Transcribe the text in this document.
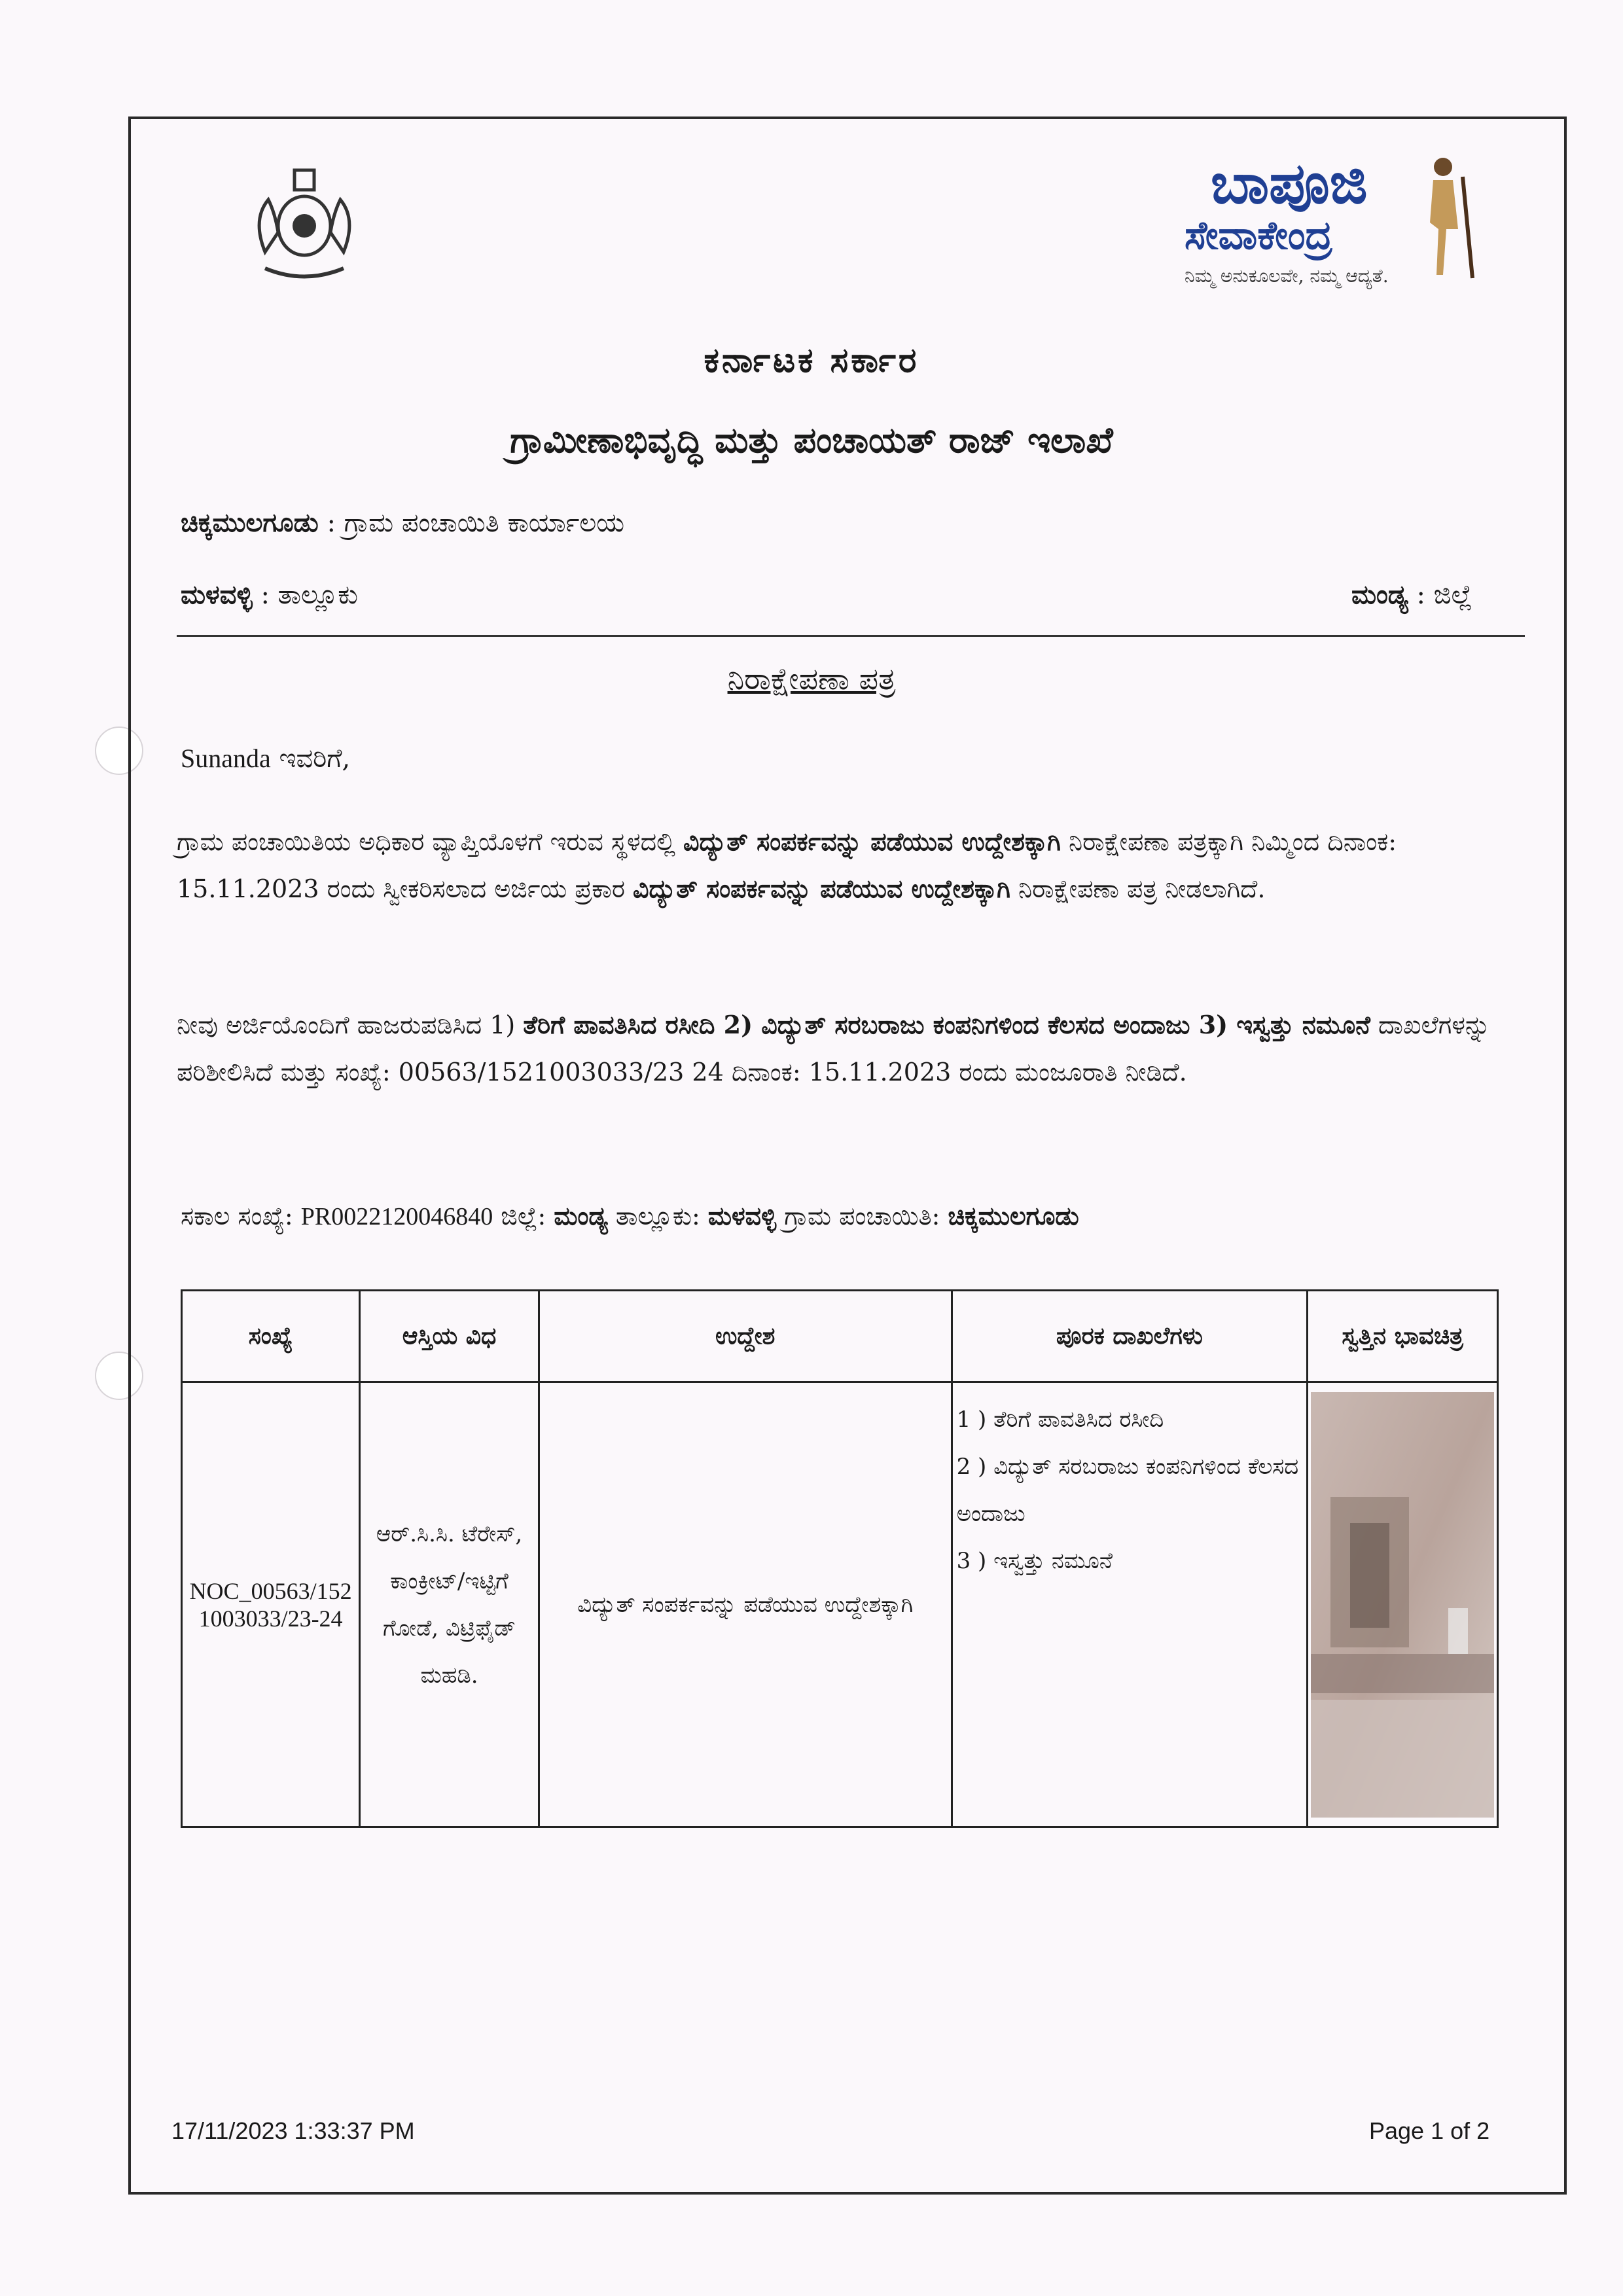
ಬಾಪೂಜಿ
ಸೇವಾಕೇಂದ್ರ
ನಿಮ್ಮ ಅನುಕೂಲವೇ, ನಮ್ಮ ಆದ್ಯತೆ.
ಕರ್ನಾಟಕ ಸರ್ಕಾರ
ಗ್ರಾಮೀಣಾಭಿವೃದ್ಧಿ ಮತ್ತು ಪಂಚಾಯತ್ ರಾಜ್ ಇಲಾಖೆ
ಚಿಕ್ಕಮುಲಗೂಡು : ಗ್ರಾಮ ಪಂಚಾಯಿತಿ ಕಾರ್ಯಾಲಯ
ಮಳವಳ್ಳಿ : ತಾಲ್ಲೂಕು	ಮಂಡ್ಯ : ಜಿಲ್ಲೆ
ನಿರಾಕ್ಷೇಪಣಾ ಪತ್ರ
Sunanda ಇವರಿಗೆ,
ಗ್ರಾಮ ಪಂಚಾಯಿತಿಯ ಅಧಿಕಾರ ವ್ಯಾಪ್ತಿಯೊಳಗೆ ಇರುವ ಸ್ಥಳದಲ್ಲಿ ವಿದ್ಯುತ್ ಸಂಪರ್ಕವನ್ನು ಪಡೆಯುವ ಉದ್ದೇಶಕ್ಕಾಗಿ ನಿರಾಕ್ಷೇಪಣಾ ಪತ್ರಕ್ಕಾಗಿ ನಿಮ್ಮಿಂದ ದಿನಾಂಕ: 15.11.2023 ರಂದು ಸ್ವೀಕರಿಸಲಾದ ಅರ್ಜಿಯ ಪ್ರಕಾರ ವಿದ್ಯುತ್ ಸಂಪರ್ಕವನ್ನು ಪಡೆಯುವ ಉದ್ದೇಶಕ್ಕಾಗಿ ನಿರಾಕ್ಷೇಪಣಾ ಪತ್ರ ನೀಡಲಾಗಿದೆ.
ನೀವು ಅರ್ಜಿಯೊಂದಿಗೆ ಹಾಜರುಪಡಿಸಿದ 1) ತೆರಿಗೆ ಪಾವತಿಸಿದ ರಸೀದಿ 2) ವಿದ್ಯುತ್ ಸರಬರಾಜು ಕಂಪನಿಗಳಿಂದ ಕೆಲಸದ ಅಂದಾಜು 3) ಇಸ್ವತ್ತು ನಮೂನೆ ದಾಖಲೆಗಳನ್ನು ಪರಿಶೀಲಿಸಿದೆ ಮತ್ತು ಸಂಖ್ಯೆ: 00563/1521003033/23 24 ದಿನಾಂಕ: 15.11.2023 ರಂದು ಮಂಜೂರಾತಿ ನೀಡಿದೆ.
ಸಕಾಲ ಸಂಖ್ಯೆ: PR0022120046840 ಜಿಲ್ಲೆ: ಮಂಡ್ಯ ತಾಲ್ಲೂಕು: ಮಳವಳ್ಳಿ ಗ್ರಾಮ ಪಂಚಾಯಿತಿ: ಚಿಕ್ಕಮುಲಗೂಡು
ಸಂಖ್ಯೆ	ಆಸ್ತಿಯ ವಿಧ	ಉದ್ದೇಶ	ಪೂರಕ ದಾಖಲೆಗಳು	ಸ್ವತ್ತಿನ ಭಾವಚಿತ್ರ
NOC_00563/1521003033/23-24	ಆರ್.ಸಿ.ಸಿ. ಟೆರೇಸ್, ಕಾಂಕ್ರೀಟ್/ಇಟ್ಟಿಗೆ ಗೋಡೆ, ವಿಟ್ರಿಫೈಡ್ ಮಹಡಿ.	ವಿದ್ಯುತ್ ಸಂಪರ್ಕವನ್ನು ಪಡೆಯುವ ಉದ್ದೇಶಕ್ಕಾಗಿ	1 ) ತೆರಿಗೆ ಪಾವತಿಸಿದ ರಸೀದಿ
2 ) ವಿದ್ಯುತ್ ಸರಬರಾಜು ಕಂಪನಿಗಳಿಂದ ಕೆಲಸದ ಅಂದಾಜು
3 ) ಇಸ್ವತ್ತು ನಮೂನೆ

17/11/2023 1:33:37 PM	Page 1 of 2
